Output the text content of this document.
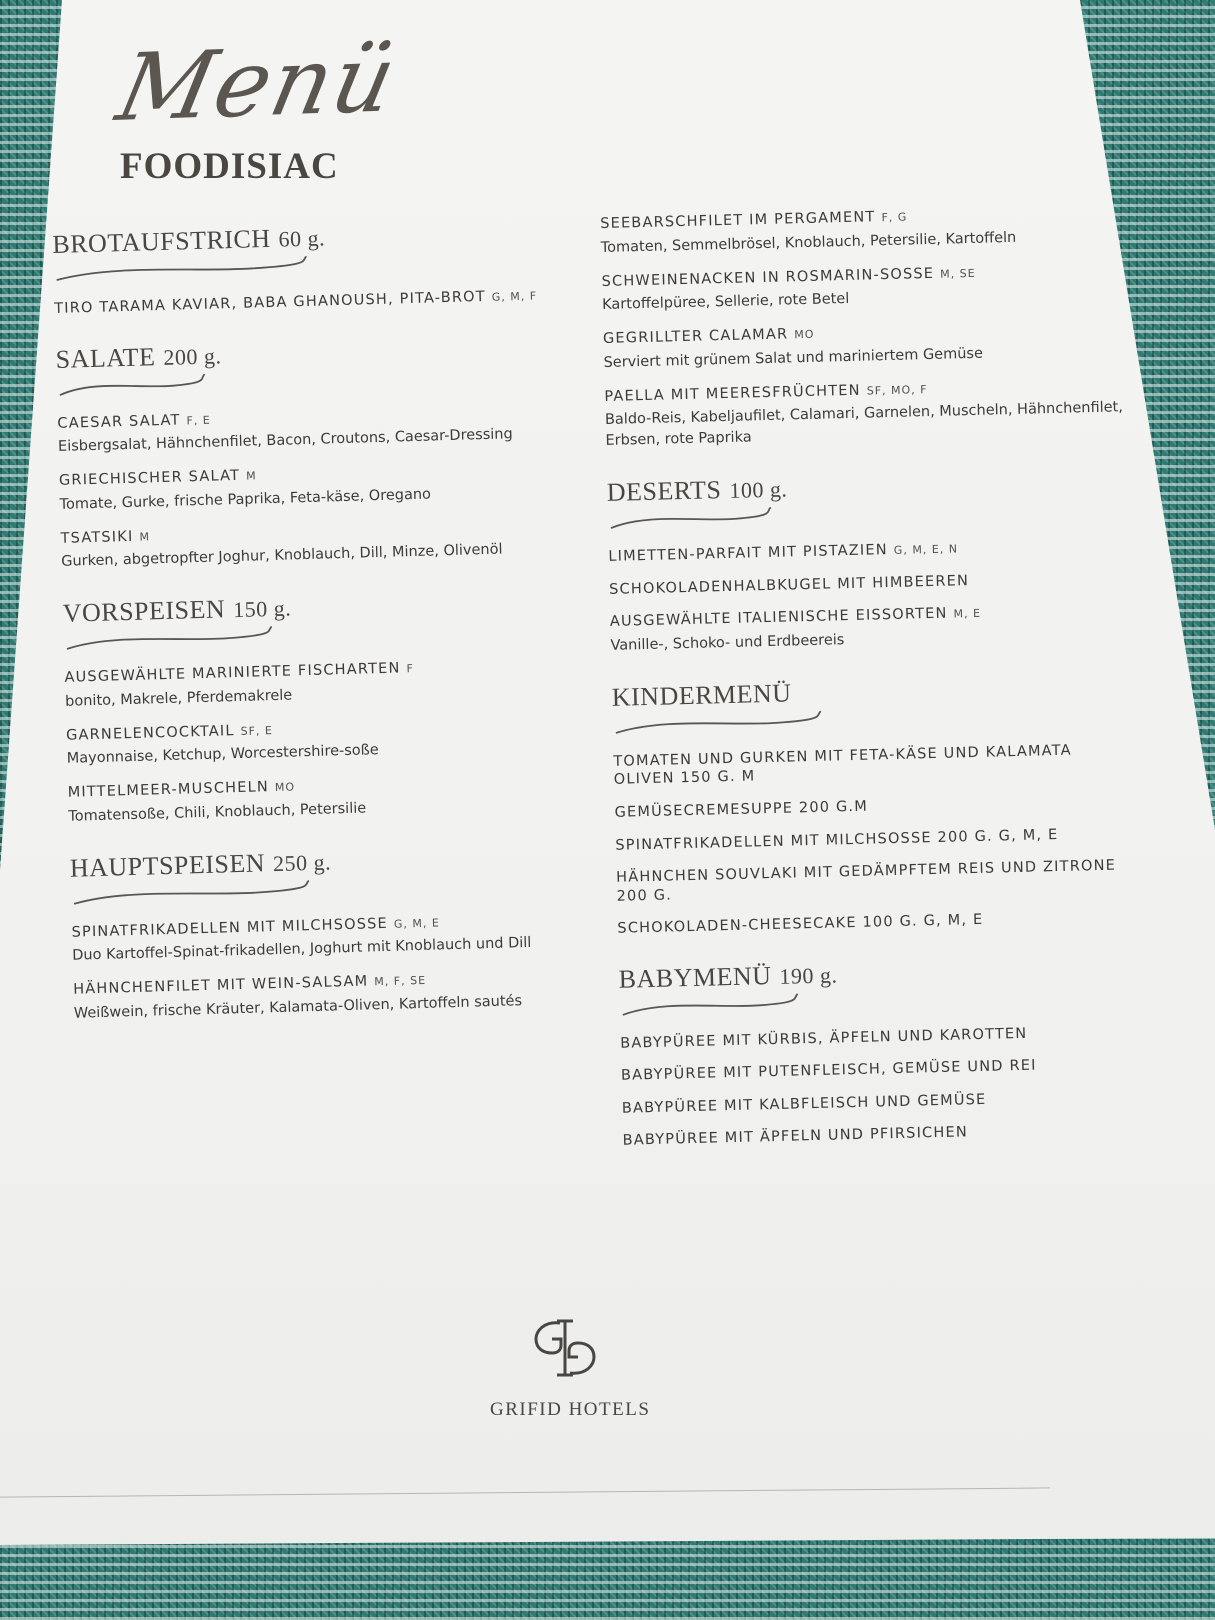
Menü
FOODISIAC
BROTAUFSTRICH 60 g.

TIRO TARAMA KAVIAR, BABA GHANOUSH, PITA-BROT G, M, F

SALATE 200 g.

CAESAR SALAT F, E

Eisbergsalat, Hähnchenfilet, Bacon, Croutons, Caesar-Dressing

GRIECHISCHER SALAT M

Tomate, Gurke, frische Paprika, Feta-käse, Oregano

TSATSIKI M

Gurken, abgetropfter Joghur, Knoblauch, Dill, Minze, Olivenöl

VORSPEISEN 150 g.

AUSGEWÄHLTE MARINIERTE FISCHARTEN F

bonito, Makrele, Pferdemakrele

GARNELENCOCKTAIL SF, E

Mayonnaise, Ketchup, Worcestershire-soße

MITTELMEER-MUSCHELN MO

Tomatensoße, Chili, Knoblauch, Petersilie

HAUPTSPEISEN 250 g.

SPINATFRIKADELLEN MIT MILCHSOSSE G, M, E

Duo Kartoffel-Spinat-frikadellen, Joghurt mit Knoblauch und Dill

HÄHNCHENFILET MIT WEIN-SALSAM M, F, SE

Weißwein, frische Kräuter, Kalamata-Oliven, Kartoffeln sautés

SEEBARSCHFILET IM PERGAMENT F, G

Tomaten, Semmelbrösel, Knoblauch, Petersilie, Kartoffeln

SCHWEINENACKEN IN ROSMARIN-SOSSE M, SE

Kartoffelpüree, Sellerie, rote Betel

GEGRILLTER CALAMAR MO

Serviert mit grünem Salat und mariniertem Gemüse

PAELLA MIT MEERESFRÜCHTEN SF, MO, F

Baldo-Reis, Kabeljaufilet, Calamari, Garnelen, Muscheln, Hähnchenfilet, Erbsen, rote Paprika

DESERTS 100 g.

LIMETTEN-PARFAIT MIT PISTAZIEN G, M, E, N

SCHOKOLADENHALBKUGEL MIT HIMBEEREN

AUSGEWÄHLTE ITALIENISCHE EISSORTEN M, E

Vanille-, Schoko- und Erdbeereis

KINDERMENÜ

TOMATEN UND GURKEN MIT FETA-KÄSE UND KALAMATA OLIVEN 150 G. M

GEMÜSECREMESUPPE 200 G.M

SPINATFRIKADELLEN MIT MILCHSOSSE 200 G. G, M, E

HÄHNCHEN SOUVLAKI MIT GEDÄMPFTEM REIS UND ZITRONE 200 G.

SCHOKOLADEN-CHEESECAKE 100 G. G, M, E

BABYMENÜ 190 g.

BABYPÜREE MIT KÜRBIS, ÄPFELN UND KAROTTEN

BABYPÜREE MIT PUTENFLEISCH, GEMÜSE UND REI

BABYPÜREE MIT KALBFLEISCH UND GEMÜSE

BABYPÜREE MIT ÄPFELN UND PFIRSICHEN

GRIFID HOTELS
